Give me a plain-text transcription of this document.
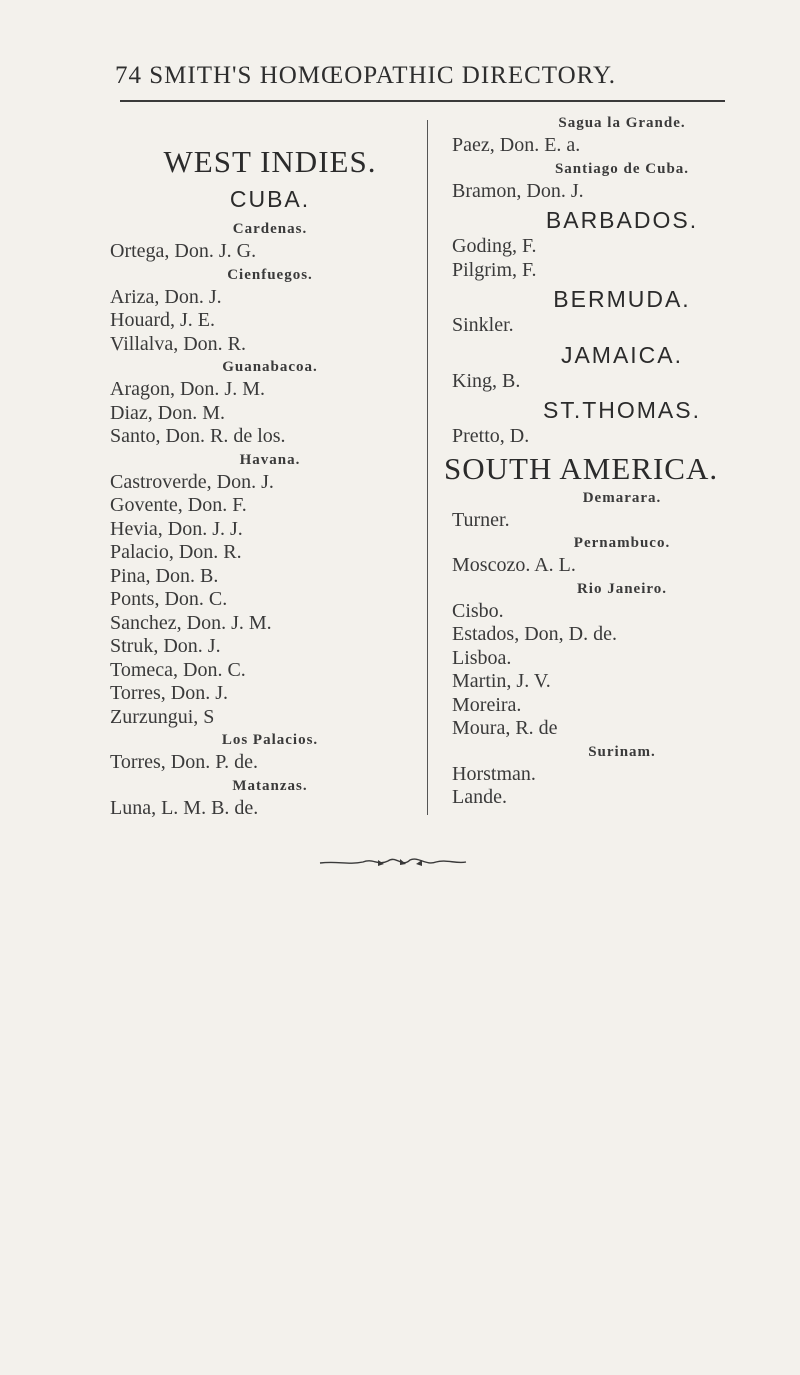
74 SMITH'S HOMŒOPATHIC DIRECTORY.
WEST INDIES.
CUBA.
Cardenas.
Ortega, Don. J. G.
Cienfuegos.
Ariza, Don. J.
Houard, J. E.
Villalva, Don. R.
Guanabacoa.
Aragon, Don. J. M.
Diaz, Don. M.
Santo, Don. R. de los.
Havana.
Castroverde, Don. J.
Govente, Don. F.
Hevia, Don. J. J.
Palacio, Don. R.
Pina, Don. B.
Ponts, Don. C.
Sanchez, Don. J. M.
Struk, Don. J.
Tomeca, Don. C.
Torres, Don. J.
Zurzungui, S
Los Palacios.
Torres, Don. P. de.
Matanzas.
Luna, L. M. B. de.
Sagua la Grande.
Paez, Don. E. a.
Santiago de Cuba.
Bramon, Don. J.
BARBADOS.
Goding, F.
Pilgrim, F.
BERMUDA.
Sinkler.
JAMAICA.
King, B.
ST.THOMAS.
Pretto, D.
SOUTH AMERICA.
Demarara.
Turner.
Pernambuco.
Moscozo. A. L.
Rio Janeiro.
Cisbo.
Estados, Don, D. de.
Lisboa.
Martin, J. V.
Moreira.
Moura, R. de
Surinam.
Horstman.
Lande.
